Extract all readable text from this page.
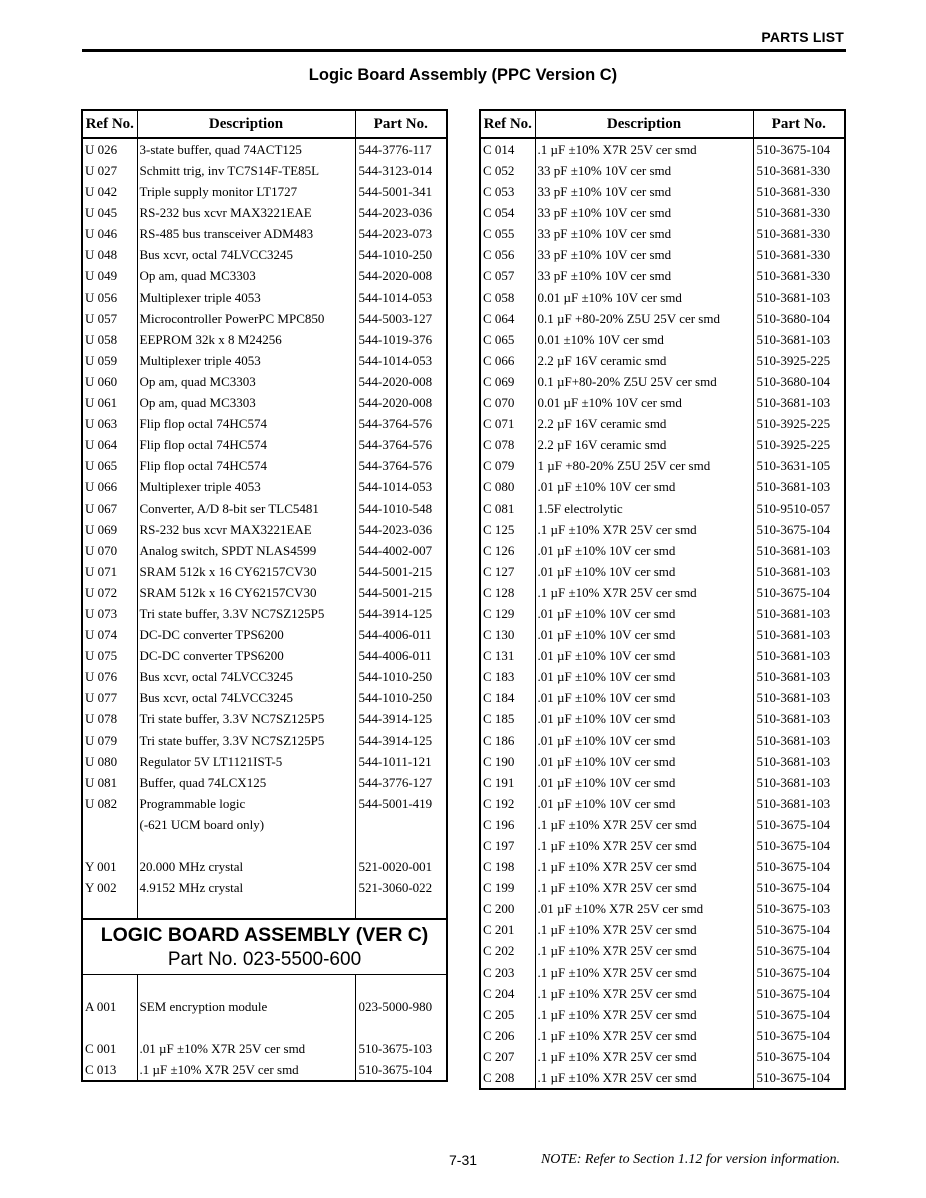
PARTS LIST
Logic Board Assembly (PPC Version C)
Ref No.	Description	Part No.
U 026	3-state buffer, quad 74ACT125	544-3776-117
U 027	Schmitt trig, inv TC7S14F-TE85L	544-3123-014
U 042	Triple supply monitor LT1727	544-5001-341
U 045	RS-232 bus xcvr MAX3221EAE	544-2023-036
U 046	RS-485 bus transceiver ADM483	544-2023-073
U 048	Bus xcvr, octal 74LVCC3245	544-1010-250
U 049	Op am, quad MC3303	544-2020-008
U 056	Multiplexer triple 4053	544-1014-053
U 057	Microcontroller PowerPC MPC850	544-5003-127
U 058	EEPROM 32k x 8 M24256	544-1019-376
U 059	Multiplexer triple 4053	544-1014-053
U 060	Op am, quad MC3303	544-2020-008
U 061	Op am, quad MC3303	544-2020-008
U 063	Flip flop octal 74HC574	544-3764-576
U 064	Flip flop octal 74HC574	544-3764-576
U 065	Flip flop octal 74HC574	544-3764-576
U 066	Multiplexer triple 4053	544-1014-053
U 067	Converter, A/D 8-bit ser TLC5481	544-1010-548
U 069	RS-232 bus xcvr MAX3221EAE	544-2023-036
U 070	Analog switch, SPDT NLAS4599	544-4002-007
U 071	SRAM 512k x 16 CY62157CV30	544-5001-215
U 072	SRAM 512k x 16 CY62157CV30	544-5001-215
U 073	Tri state buffer, 3.3V NC7SZ125P5	544-3914-125
U 074	DC-DC converter TPS6200	544-4006-011
U 075	DC-DC converter TPS6200	544-4006-011
U 076	Bus xcvr, octal 74LVCC3245	544-1010-250
U 077	Bus xcvr, octal 74LVCC3245	544-1010-250
U 078	Tri state buffer, 3.3V NC7SZ125P5	544-3914-125
U 079	Tri state buffer, 3.3V NC7SZ125P5	544-3914-125
U 080	Regulator 5V LT1121IST-5	544-1011-121
U 081	Buffer, quad 74LCX125	544-3776-127
U 082	Programmable logic	544-5001-419
	(-621 UCM board only)	

Y 001	20.000 MHz crystal	521-0020-001
Y 002	4.9152 MHz crystal	521-3060-022

LOGIC BOARD ASSEMBLY (VER C)
Part No. 023-5500-600		

A 001	SEM encryption module	023-5000-980

C 001	.01 µF ±10% X7R 25V cer smd	510-3675-103
C 013	.1 µF ±10% X7R 25V cer smd	510-3675-104
Ref No.	Description	Part No.
C 014	.1 µF ±10% X7R 25V cer smd	510-3675-104
C 052	33 pF ±10% 10V cer smd	510-3681-330
C 053	33 pF ±10% 10V cer smd	510-3681-330
C 054	33 pF ±10% 10V cer smd	510-3681-330
C 055	33 pF ±10% 10V cer smd	510-3681-330
C 056	33 pF ±10% 10V cer smd	510-3681-330
C 057	33 pF ±10% 10V cer smd	510-3681-330
C 058	0.01 µF ±10% 10V cer smd	510-3681-103
C 064	0.1 µF +80-20% Z5U 25V cer smd	510-3680-104
C 065	0.01 ±10% 10V cer smd	510-3681-103
C 066	2.2 µF 16V ceramic smd	510-3925-225
C 069	0.1 µF+80-20% Z5U 25V cer smd	510-3680-104
C 070	0.01 µF ±10% 10V cer smd	510-3681-103
C 071	2.2 µF 16V ceramic smd	510-3925-225
C 078	2.2 µF 16V ceramic smd	510-3925-225
C 079	1 µF +80-20% Z5U 25V cer smd	510-3631-105
C 080	.01 µF ±10% 10V cer smd	510-3681-103
C 081	1.5F electrolytic	510-9510-057
C 125	.1 µF ±10% X7R 25V cer smd	510-3675-104
C 126	.01 µF ±10% 10V cer smd	510-3681-103
C 127	.01 µF ±10% 10V cer smd	510-3681-103
C 128	.1 µF ±10% X7R 25V cer smd	510-3675-104
C 129	.01 µF ±10% 10V cer smd	510-3681-103
C 130	.01 µF ±10% 10V cer smd	510-3681-103
C 131	.01 µF ±10% 10V cer smd	510-3681-103
C 183	.01 µF ±10% 10V cer smd	510-3681-103
C 184	.01 µF ±10% 10V cer smd	510-3681-103
C 185	.01 µF ±10% 10V cer smd	510-3681-103
C 186	.01 µF ±10% 10V cer smd	510-3681-103
C 190	.01 µF ±10% 10V cer smd	510-3681-103
C 191	.01 µF ±10% 10V cer smd	510-3681-103
C 192	.01 µF ±10% 10V cer smd	510-3681-103
C 196	.1 µF ±10% X7R 25V cer smd	510-3675-104
C 197	.1 µF ±10% X7R 25V cer smd	510-3675-104
C 198	.1 µF ±10% X7R 25V cer smd	510-3675-104
C 199	.1 µF ±10% X7R 25V cer smd	510-3675-104
C 200	.01 µF ±10% X7R 25V cer smd	510-3675-103
C 201	.1 µF ±10% X7R 25V cer smd	510-3675-104
C 202	.1 µF ±10% X7R 25V cer smd	510-3675-104
C 203	.1 µF ±10% X7R 25V cer smd	510-3675-104
C 204	.1 µF ±10% X7R 25V cer smd	510-3675-104
C 205	.1 µF ±10% X7R 25V cer smd	510-3675-104
C 206	.1 µF ±10% X7R 25V cer smd	510-3675-104
C 207	.1 µF ±10% X7R 25V cer smd	510-3675-104
C 208	.1 µF ±10% X7R 25V cer smd	510-3675-104
7-31	NOTE: Refer to Section 1.12 for version information.
